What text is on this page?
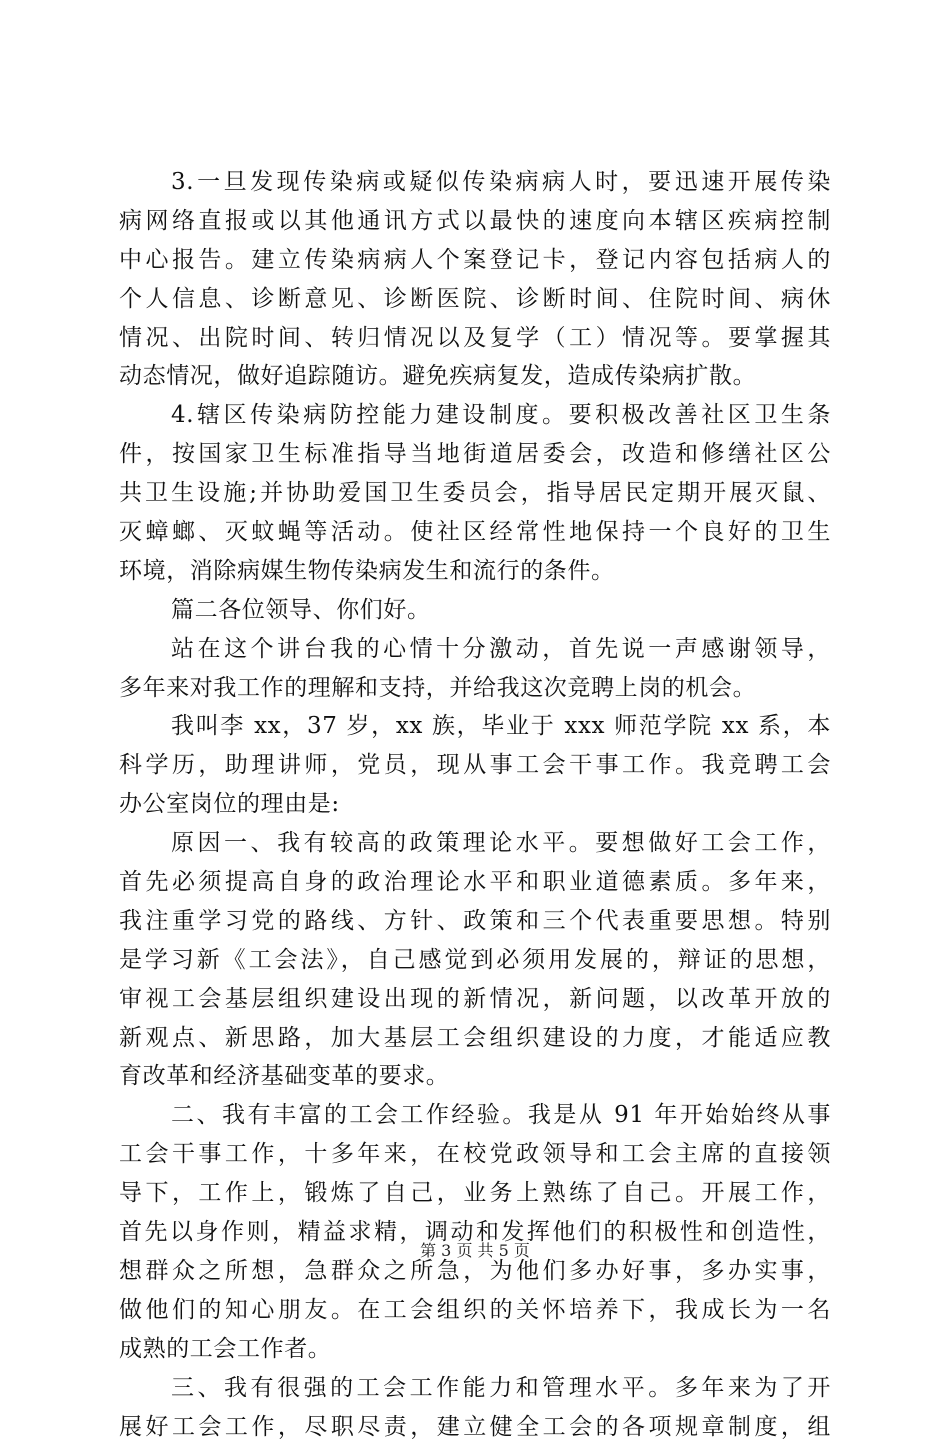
3.一旦发现传染病或疑似传染病病人时，要迅速开展传染
病网络直报或以其他通讯方式以最快的速度向本辖区疾病控制
中心报告。建立传染病病人个案登记卡，登记内容包括病人的
个人信息、诊断意见、诊断医院、诊断时间、住院时间、病休
情况、出院时间、转归情况以及复学（工）情况等。要掌握其
动态情况，做好追踪随访。避免疾病复发，造成传染病扩散。
4.辖区传染病防控能力建设制度。要积极改善社区卫生条
件，按国家卫生标准指导当地街道居委会，改造和修缮社区公
共卫生设施;并协助爱国卫生委员会，指导居民定期开展灭鼠、
灭蟑螂、灭蚊蝇等活动。使社区经常性地保持一个良好的卫生
环境，消除病媒生物传染病发生和流行的条件。
篇二各位领导、你们好。
站在这个讲台我的心情十分激动，首先说一声感谢领导，
多年来对我工作的理解和支持，并给我这次竞聘上岗的机会。
我叫李 xx，37 岁，xx 族，毕业于 xxx 师范学院 xx 系，本
科学历，助理讲师，党员，现从事工会干事工作。我竞聘工会
办公室岗位的理由是:
原因一、我有较高的政策理论水平。要想做好工会工作，
首先必须提高自身的政治理论水平和职业道德素质。多年来，
我注重学习党的路线、方针、政策和三个代表重要思想。特别
是学习新《工会法》，自己感觉到必须用发展的，辩证的思想，
审视工会基层组织建设出现的新情况，新问题，以改革开放的
新观点、新思路，加大基层工会组织建设的力度，才能适应教
育改革和经济基础变革的要求。
二、我有丰富的工会工作经验。我是从 91 年开始始终从事
工会干事工作，十多年来，在校党政领导和工会主席的直接领
导下，工作上，锻炼了自己，业务上熟练了自己。开展工作，
首先以身作则，精益求精，调动和发挥他们的积极性和创造性，
想群众之所想，急群众之所急，为他们多办好事，多办实事，
做他们的知心朋友。在工会组织的关怀培养下，我成长为一名
成熟的工会工作者。
三、我有很强的工会工作能力和管理水平。多年来为了开
展好工会工作，尽职尽责，建立健全工会的各项规章制度，组
第 3 页 共 5 页
